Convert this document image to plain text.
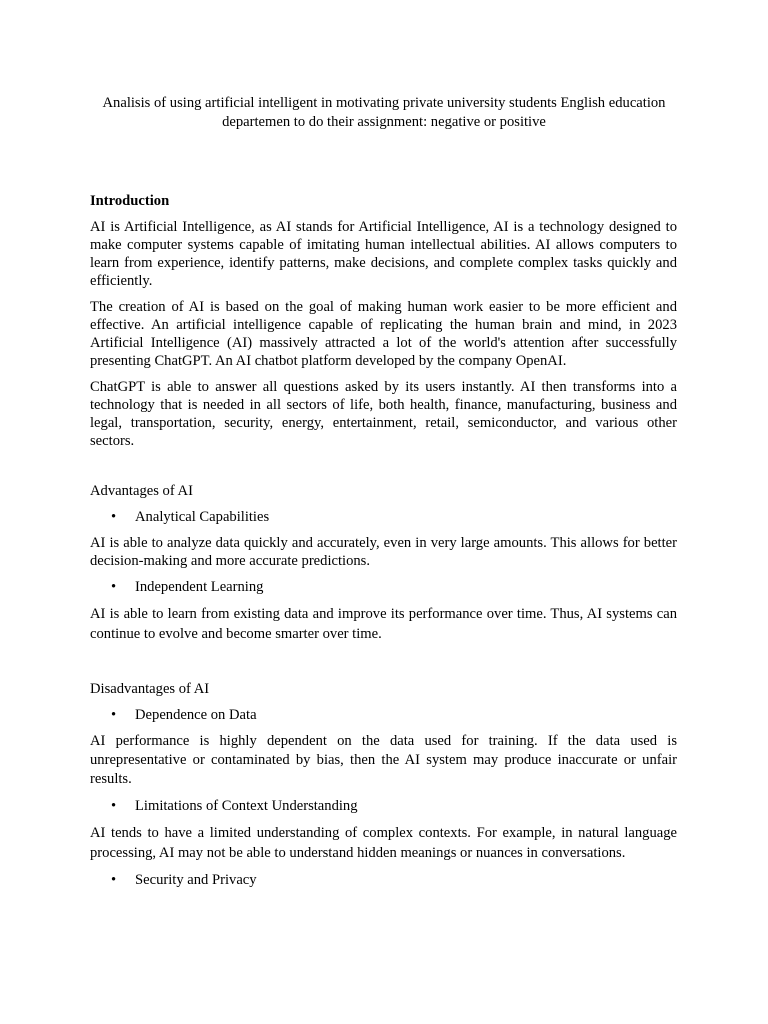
Analisis of using artificial intelligent in motivating private university students English education departemen to do their assignment: negative or positive
Introduction

AI is Artificial Intelligence, as AI stands for Artificial Intelligence, AI is a technology designed to make computer systems capable of imitating human intellectual abilities. AI allows computers to learn from experience, identify patterns, make decisions, and complete complex tasks quickly and efficiently.

The creation of AI is based on the goal of making human work easier to be more efficient and effective. An artificial intelligence capable of replicating the human brain and mind, in 2023 Artificial Intelligence (AI) massively attracted a lot of the world's attention after successfully presenting ChatGPT. An AI chatbot platform developed by the company OpenAI.

ChatGPT is able to answer all questions asked by its users instantly. AI then transforms into a technology that is needed in all sectors of life, both health, finance, manufacturing, business and legal, transportation, security, energy, entertainment, retail, semiconductor, and various other sectors.

Advantages of AI
• Analytical Capabilities

AI is able to analyze data quickly and accurately, even in very large amounts. This allows for better decision-making and more accurate predictions.

• Independent Learning

AI is able to learn from existing data and improve its performance over time. Thus, AI systems can continue to evolve and become smarter over time.

Disadvantages of AI
• Dependence on Data

AI performance is highly dependent on the data used for training. If the data used is unrepresentative or contaminated by bias, then the AI system may produce inaccurate or unfair results.

• Limitations of Context Understanding

AI tends to have a limited understanding of complex contexts. For example, in natural language processing, AI may not be able to understand hidden meanings or nuances in conversations.

• Security and Privacy
